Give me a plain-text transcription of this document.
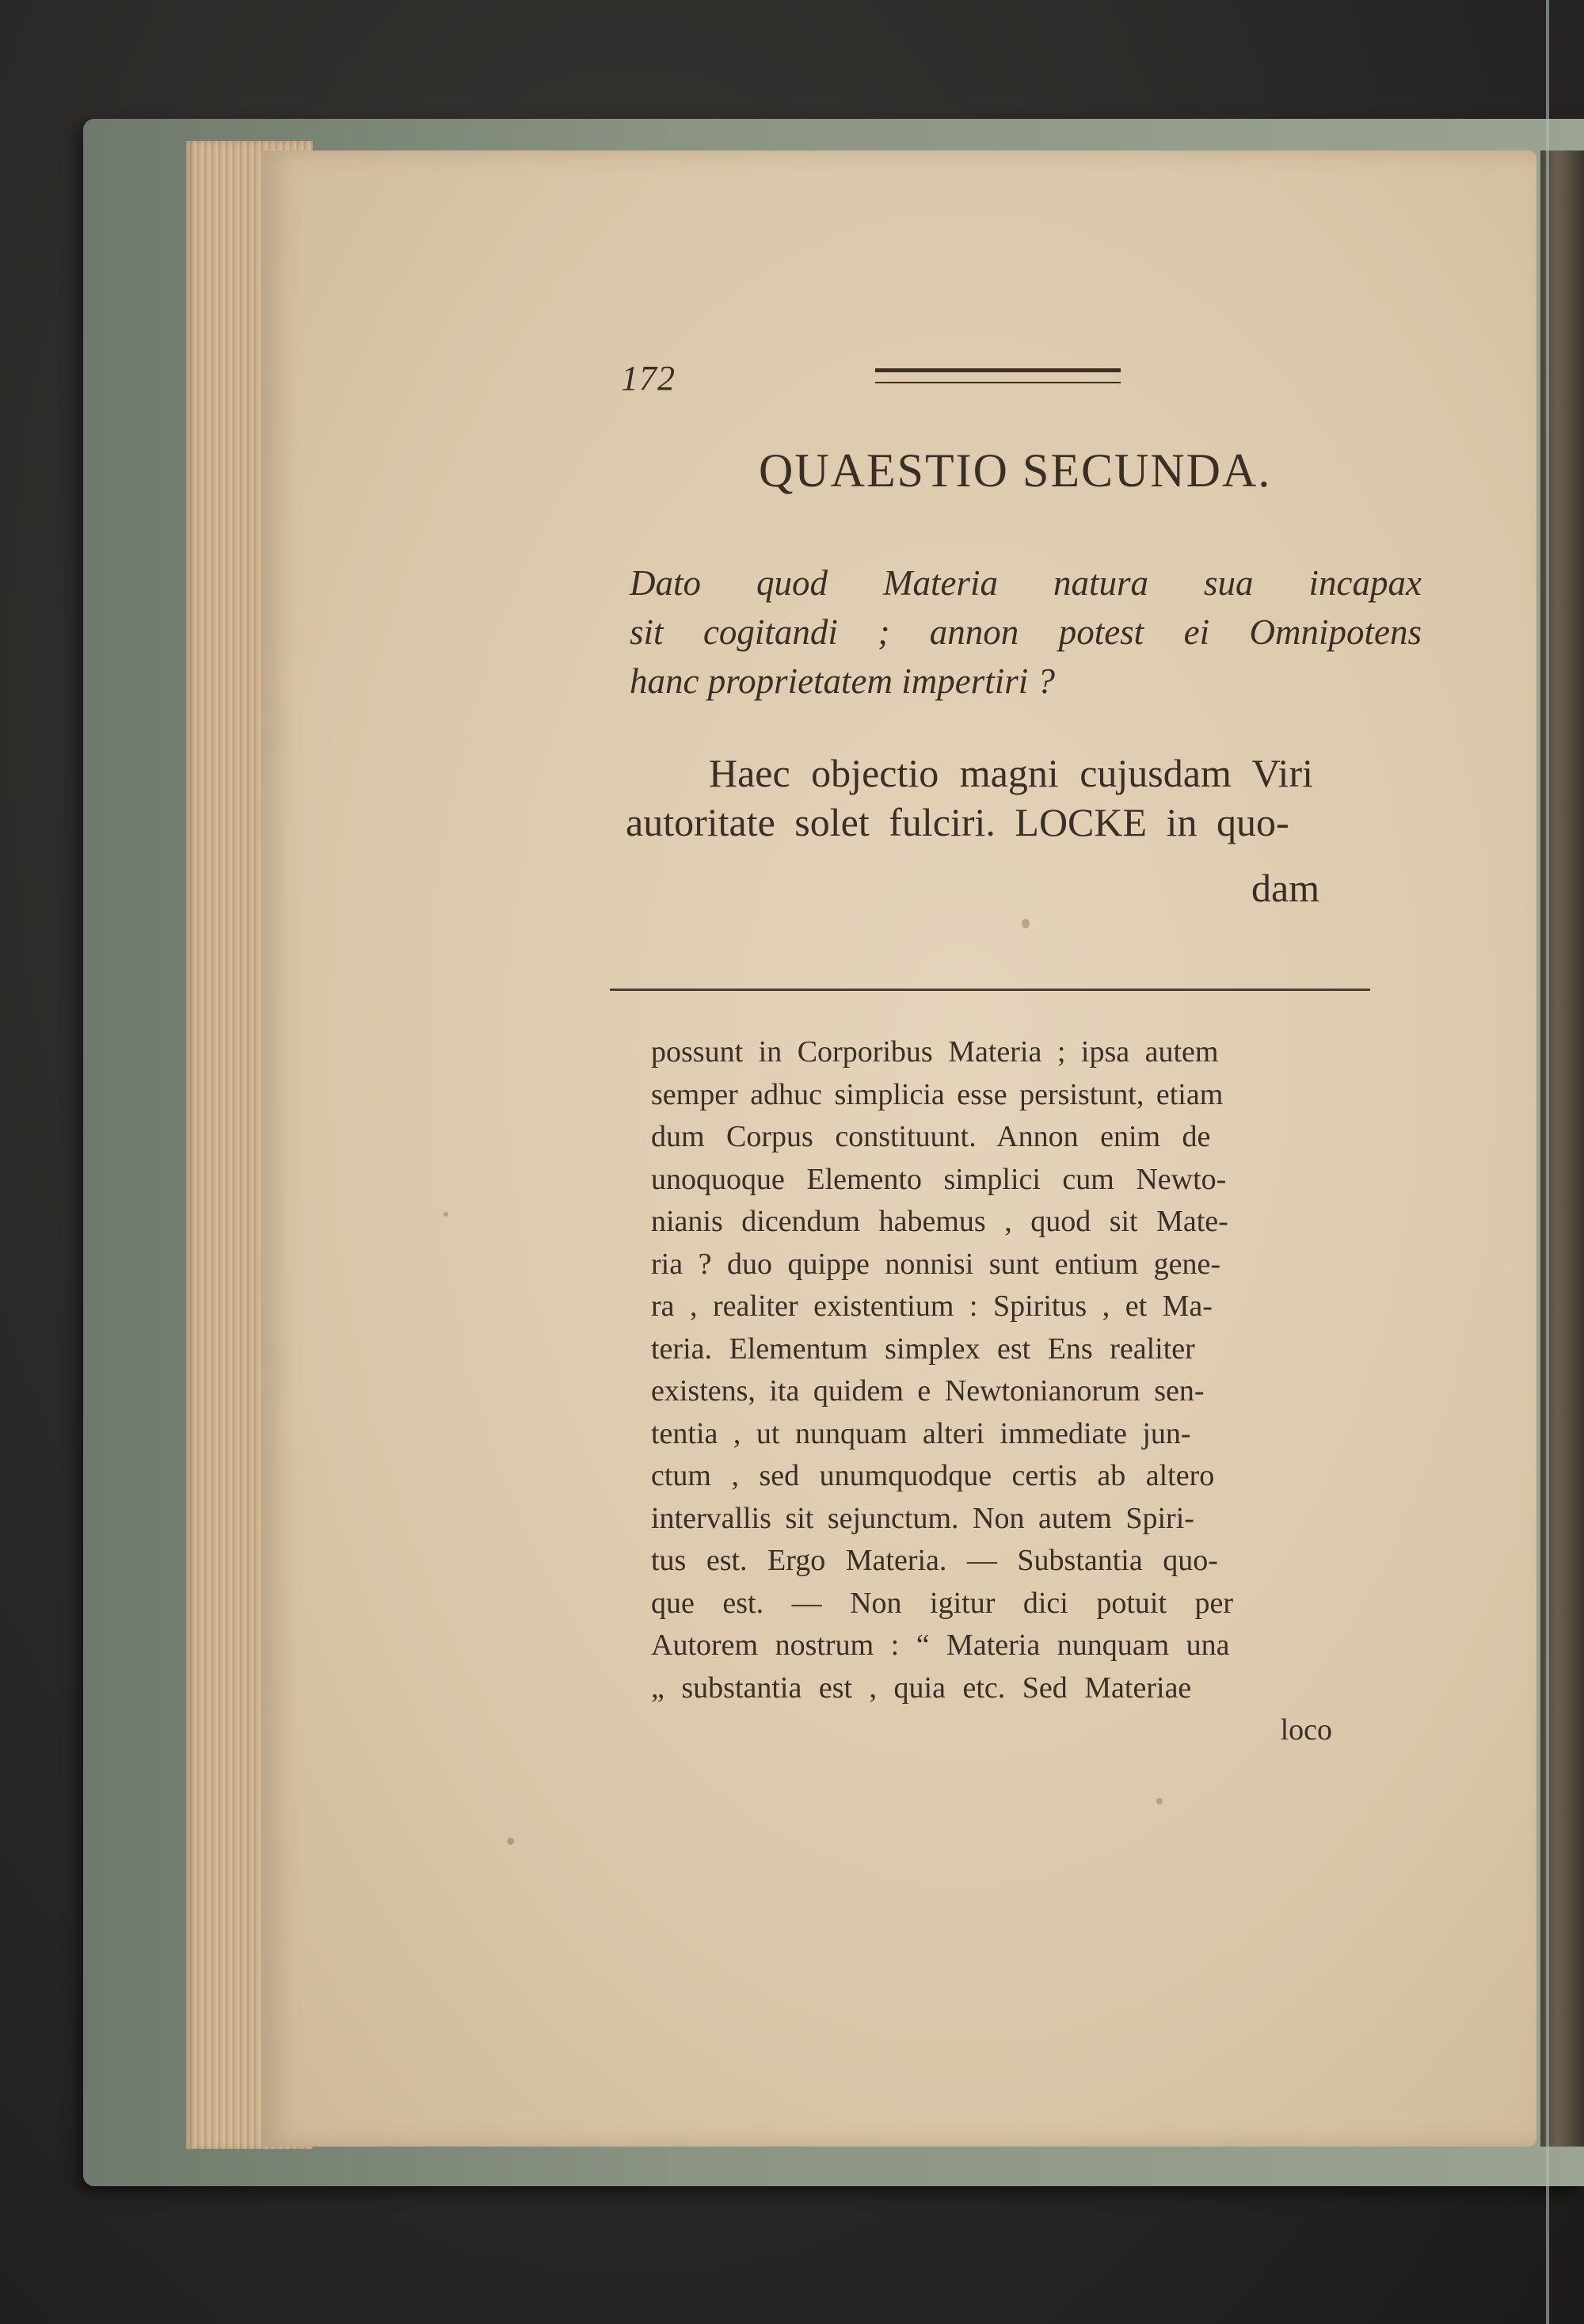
172
QUAESTIO SECUNDA.
Dato quod Materia natura sua incapax
sit cogitandi ; annon potest ei Omnipotens
hanc proprietatem impertiri ?
Haec objectio magni cujusdam Viri
autoritate solet fulciri. LOCKE in quo-
dam
possunt in Corporibus Materia ; ipsa autem
semper adhuc simplicia esse persistunt, etiam
dum Corpus constituunt. Annon enim de
unoquoque Elemento simplici cum Newto-
nianis dicendum habemus , quod sit Mate-
ria ? duo quippe nonnisi sunt entium gene-
ra , realiter existentium : Spiritus , et Ma-
teria. Elementum simplex est Ens realiter
existens, ita quidem e Newtonianorum sen-
tentia , ut nunquam alteri immediate jun-
ctum , sed unumquodque certis ab altero
intervallis sit sejunctum. Non autem Spiri-
tus est. Ergo Materia. — Substantia quo-
que est. — Non igitur dici potuit per
Autorem nostrum : “ Materia nunquam una
„ substantia est , quia etc. Sed Materiae
loco
